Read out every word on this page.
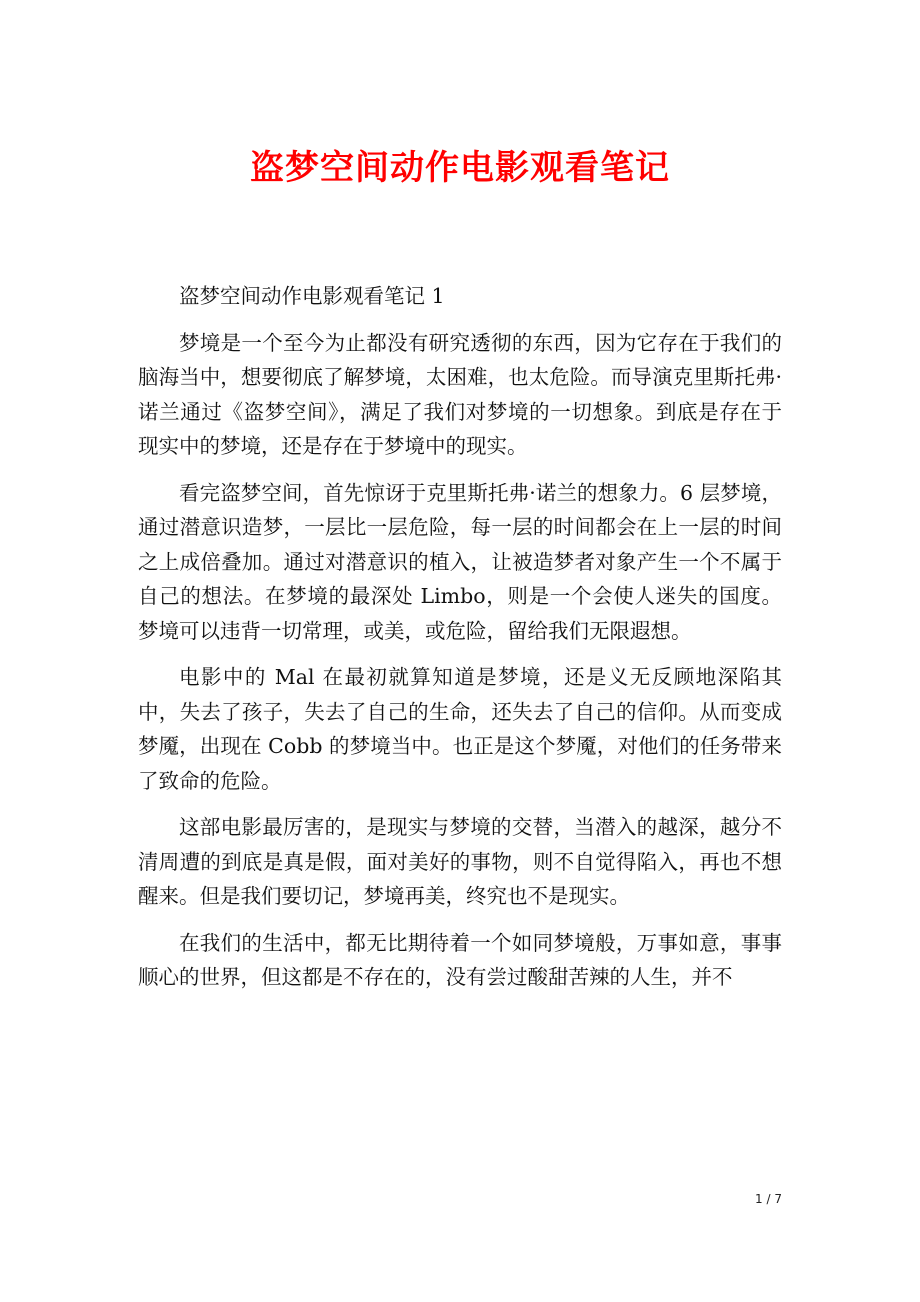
盗梦空间动作电影观看笔记

盗梦空间动作电影观看笔记 1

梦境是一个至今为止都没有研究透彻的东西，因为它存在于我们的脑海当中，想要彻底了解梦境，太困难，也太危险。而导演克里斯托弗·诺兰通过《盗梦空间》，满足了我们对梦境的一切想象。到底是存在于现实中的梦境，还是存在于梦境中的现实。

看完盗梦空间，首先惊讶于克里斯托弗·诺兰的想象力。6 层梦境，通过潜意识造梦，一层比一层危险，每一层的时间都会在上一层的时间之上成倍叠加。通过对潜意识的植入，让被造梦者对象产生一个不属于自己的想法。在梦境的最深处 Limbo，则是一个会使人迷失的国度。梦境可以违背一切常理，或美，或危险，留给我们无限遐想。

电影中的 Mal 在最初就算知道是梦境，还是义无反顾地深陷其中，失去了孩子，失去了自己的生命，还失去了自己的信仰。从而变成梦魇，出现在 Cobb 的梦境当中。也正是这个梦魇，对他们的任务带来了致命的危险。

这部电影最厉害的，是现实与梦境的交替，当潜入的越深，越分不清周遭的到底是真是假，面对美好的事物，则不自觉得陷入，再也不想醒来。但是我们要切记，梦境再美，终究也不是现实。

在我们的生活中，都无比期待着一个如同梦境般，万事如意，事事顺心的世界，但这都是不存在的，没有尝过酸甜苦辣的人生，并不

1 / 7
